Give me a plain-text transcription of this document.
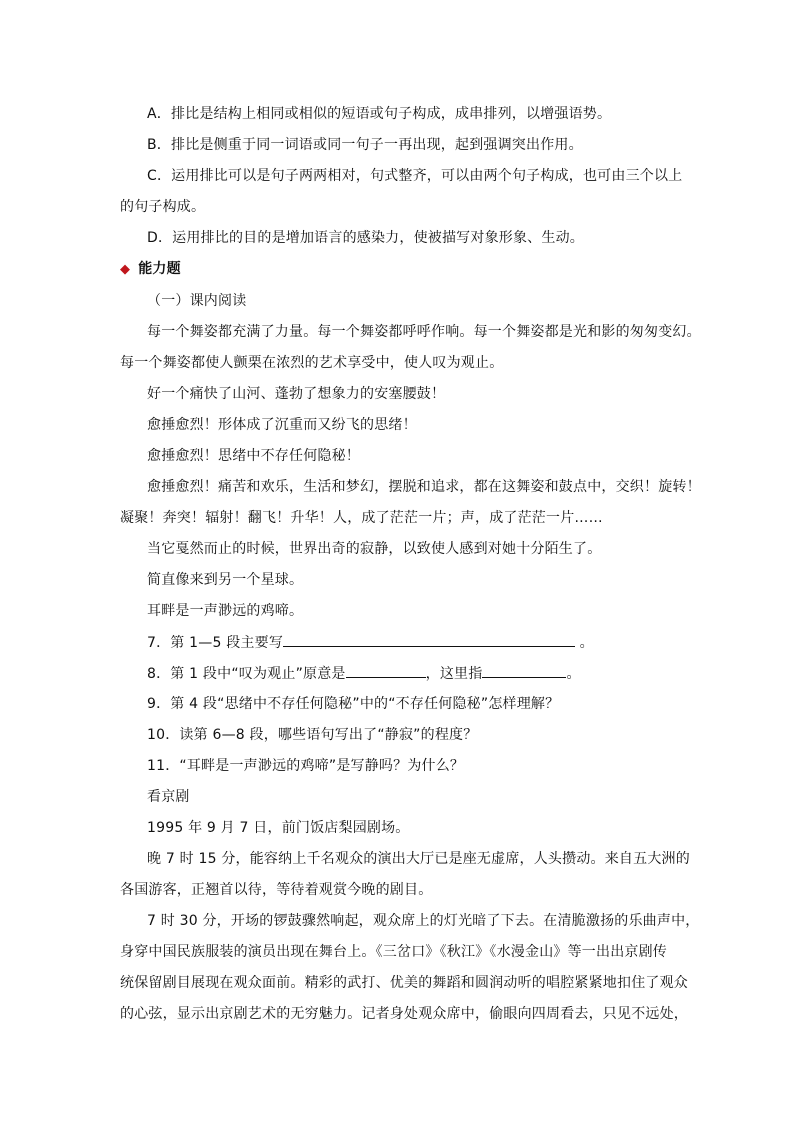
A．排比是结构上相同或相似的短语或句子构成，成串排列，以增强语势。
B．排比是侧重于同一词语或同一句子一再出现，起到强调突出作用。
C．运用排比可以是句子两两相对，句式整齐，可以由两个句子构成，也可由三个以上
的句子构成。
D．运用排比的目的是增加语言的感染力，使被描写对象形象、生动。
◆ 能力题
（一）课内阅读
每一个舞姿都充满了力量。每一个舞姿都呼呼作响。每一个舞姿都是光和影的匆匆变幻。
每一个舞姿都使人颤栗在浓烈的艺术享受中，使人叹为观止。
好一个痛快了山河、蓬勃了想象力的安塞腰鼓！
愈捶愈烈！形体成了沉重而又纷飞的思绪！
愈捶愈烈！思绪中不存任何隐秘！
愈捶愈烈！痛苦和欢乐，生活和梦幻，摆脱和追求，都在这舞姿和鼓点中，交织！旋转！
凝聚！奔突！辐射！翻飞！升华！人，成了茫茫一片；声，成了茫茫一片……
当它戛然而止的时候，世界出奇的寂静，以致使人感到对她十分陌生了。
简直像来到另一个星球。
耳畔是一声渺远的鸡啼。
7．第 1—5 段主要写	。
8．第 1 段中“叹为观止”原意是	，这里指	。
9．第 4 段“思绪中不存任何隐秘”中的“不存任何隐秘”怎样理解？
10．读第 6—8 段，哪些语句写出了“静寂”的程度？
11．“耳畔是一声渺远的鸡啼”是写静吗？为什么？
看京剧
1995 年 9 月 7 日，前门饭店梨园剧场。
晚 7 时 15 分，能容纳上千名观众的演出大厅已是座无虚席，人头攒动。来自五大洲的
各国游客，正翘首以待，等待着观赏今晚的剧目。
7 时 30 分，开场的锣鼓骤然响起，观众席上的灯光暗了下去。在清脆激扬的乐曲声中，
身穿中国民族服装的演员出现在舞台上。《三岔口》《秋江》《水漫金山》等一出出京剧传
统保留剧目展现在观众面前。精彩的武打、优美的舞蹈和圆润动听的唱腔紧紧地扣住了观众
的心弦，显示出京剧艺术的无穷魅力。记者身处观众席中，偷眼向四周看去，只见不远处，
